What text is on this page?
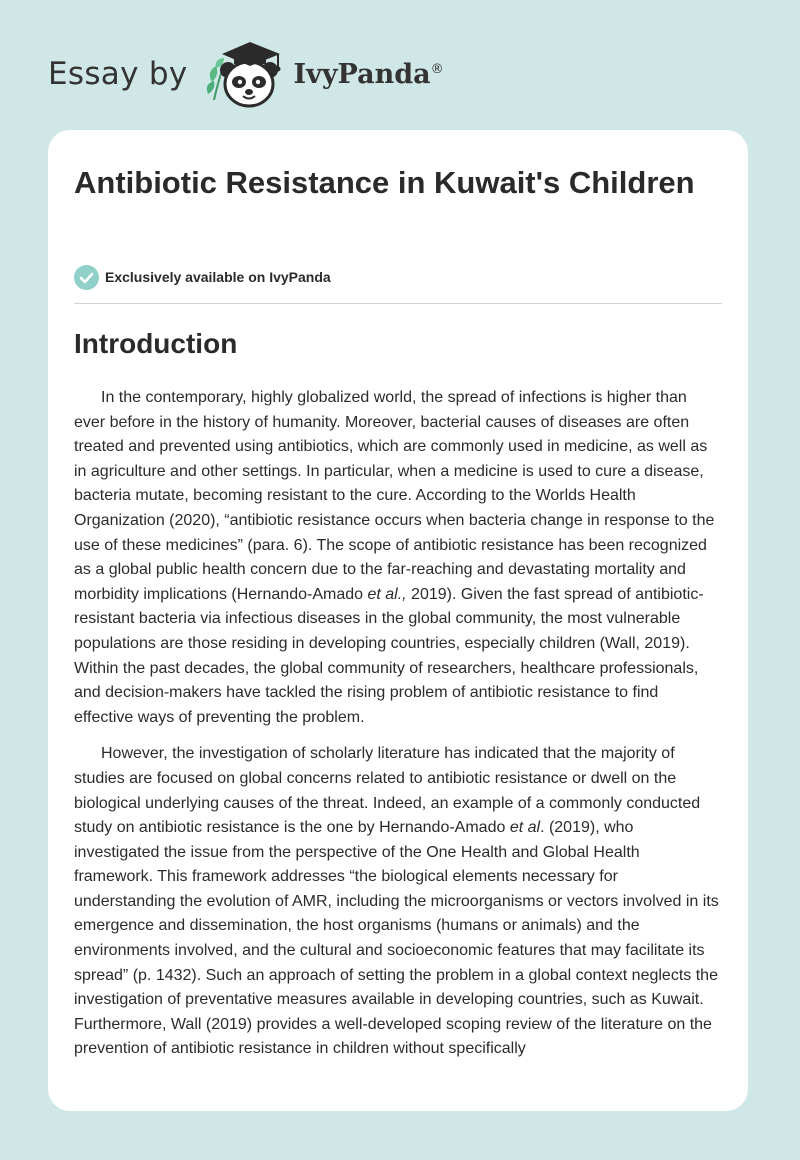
Essay by	IvyPanda®
Antibiotic Resistance in Kuwait's Children
Exclusively available on IvyPanda
Introduction

In the contemporary, highly globalized world, the spread of infections is higher than ever before in the history of humanity. Moreover, bacterial causes of diseases are often treated and prevented using antibiotics, which are commonly used in medicine, as well as in agriculture and other settings. In particular, when a medicine is used to cure a disease, bacteria mutate, becoming resistant to the cure. According to the Worlds Health Organization (2020), “antibiotic resistance occurs when bacteria change in response to the use of these medicines” (para. 6). The scope of antibiotic resistance has been recognized as a global public health concern due to the far-reaching and devastating mortality and morbidity implications (Hernando-Amado et al., 2019). Given the fast spread of antibiotic-resistant bacteria via infectious diseases in the global community, the most vulnerable populations are those residing in developing countries, especially children (Wall, 2019). Within the past decades, the global community of researchers, healthcare professionals, and decision-makers have tackled the rising problem of antibiotic resistance to find effective ways of preventing the problem.

However, the investigation of scholarly literature has indicated that the majority of studies are focused on global concerns related to antibiotic resistance or dwell on the biological underlying causes of the threat. Indeed, an example of a commonly conducted study on antibiotic resistance is the one by Hernando-Amado et al. (2019), who investigated the issue from the perspective of the One Health and Global Health framework. This framework addresses “the biological elements necessary for understanding the evolution of AMR, including the microorganisms or vectors involved in its emergence and dissemination, the host organisms (humans or animals) and the environments involved, and the cultural and socioeconomic features that may facilitate its spread” (p. 1432). Such an approach of setting the problem in a global context neglects the investigation of preventative measures available in developing countries, such as Kuwait. Furthermore, Wall (2019) provides a well-developed scoping review of the literature on the prevention of antibiotic resistance in children without specifically
